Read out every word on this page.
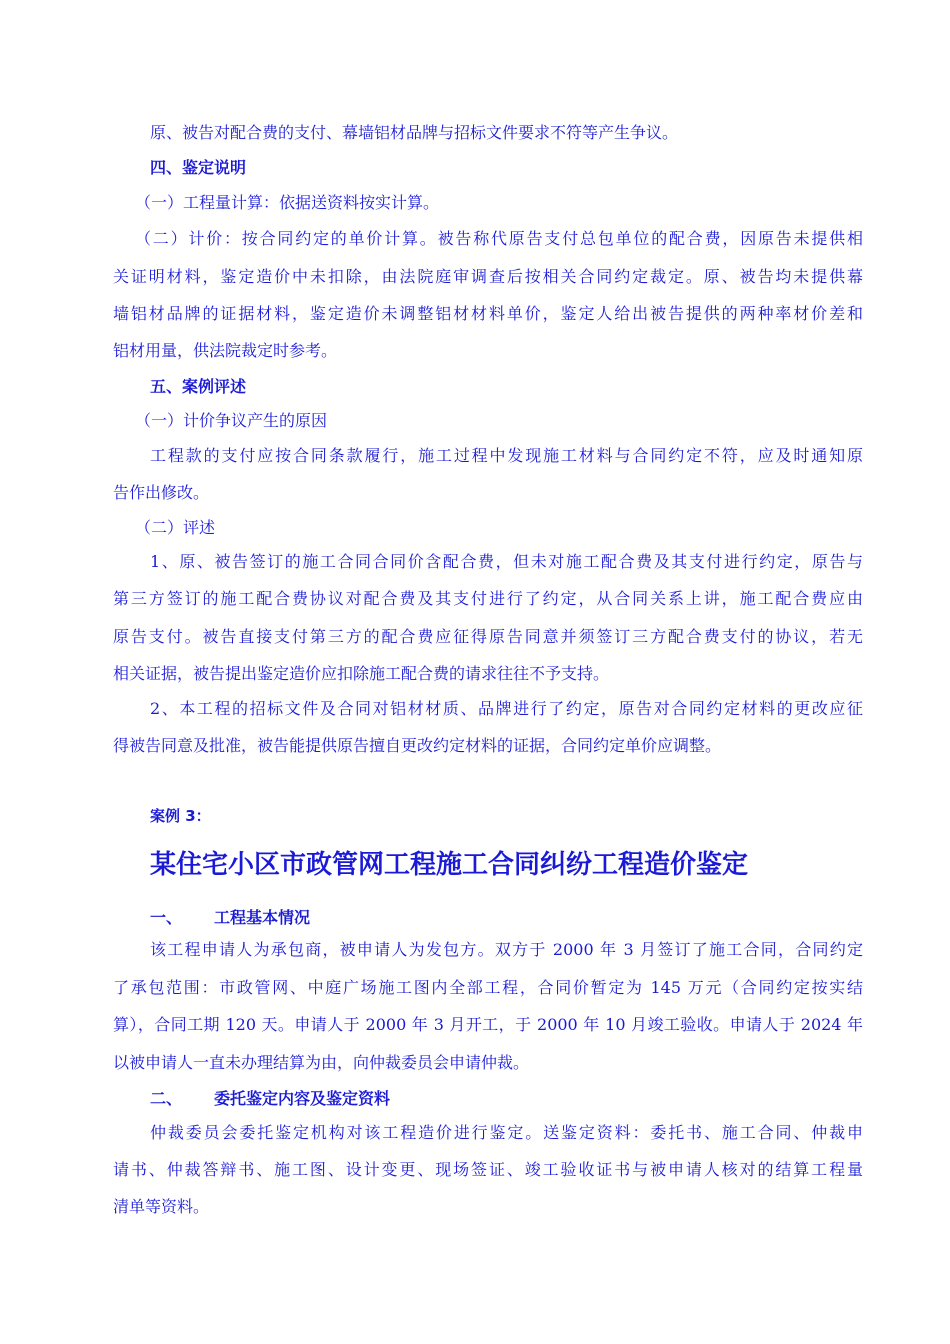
原、被告对配合费的支付、幕墙铝材品牌与招标文件要求不符等产生争议。
四、鉴定说明
（一）工程量计算：依据送资料按实计算。
（二）计价：按合同约定的单价计算。被告称代原告支付总包单位的配合费，因原告未提供相
关证明材料，鉴定造价中未扣除，由法院庭审调查后按相关合同约定裁定。原、被告均未提供幕
墙铝材品牌的证据材料，鉴定造价未调整铝材材料单价，鉴定人给出被告提供的两种率材价差和
铝材用量，供法院裁定时参考。
五、案例评述
（一）计价争议产生的原因
工程款的支付应按合同条款履行，施工过程中发现施工材料与合同约定不符，应及时通知原
告作出修改。
（二）评述
1、原、被告签订的施工合同合同价含配合费，但未对施工配合费及其支付进行约定，原告与
第三方签订的施工配合费协议对配合费及其支付进行了约定，从合同关系上讲，施工配合费应由
原告支付。被告直接支付第三方的配合费应征得原告同意并须签订三方配合费支付的协议，若无
相关证据，被告提出鉴定造价应扣除施工配合费的请求往往不予支持。
2、本工程的招标文件及合同对铝材材质、品牌进行了约定，原告对合同约定材料的更改应征
得被告同意及批准，被告能提供原告擅自更改约定材料的证据，合同约定单价应调整。
案例 3：
某住宅小区市政管网工程施工合同纠纷工程造价鉴定
一、 工程基本情况
该工程申请人为承包商，被申请人为发包方。双方于 2000 年 3 月签订了施工合同，合同约定
了承包范围：市政管网、中庭广场施工图内全部工程，合同价暂定为 145 万元（合同约定按实结
算），合同工期 120 天。申请人于 2000 年 3 月开工，于 2000 年 10 月竣工验收。申请人于 2024 年
以被申请人一直未办理结算为由，向仲裁委员会申请仲裁。
二、 委托鉴定内容及鉴定资料
仲裁委员会委托鉴定机构对该工程造价进行鉴定。送鉴定资料：委托书、施工合同、仲裁申
请书、仲裁答辩书、施工图、设计变更、现场签证、竣工验收证书与被申请人核对的结算工程量
清单等资料。
